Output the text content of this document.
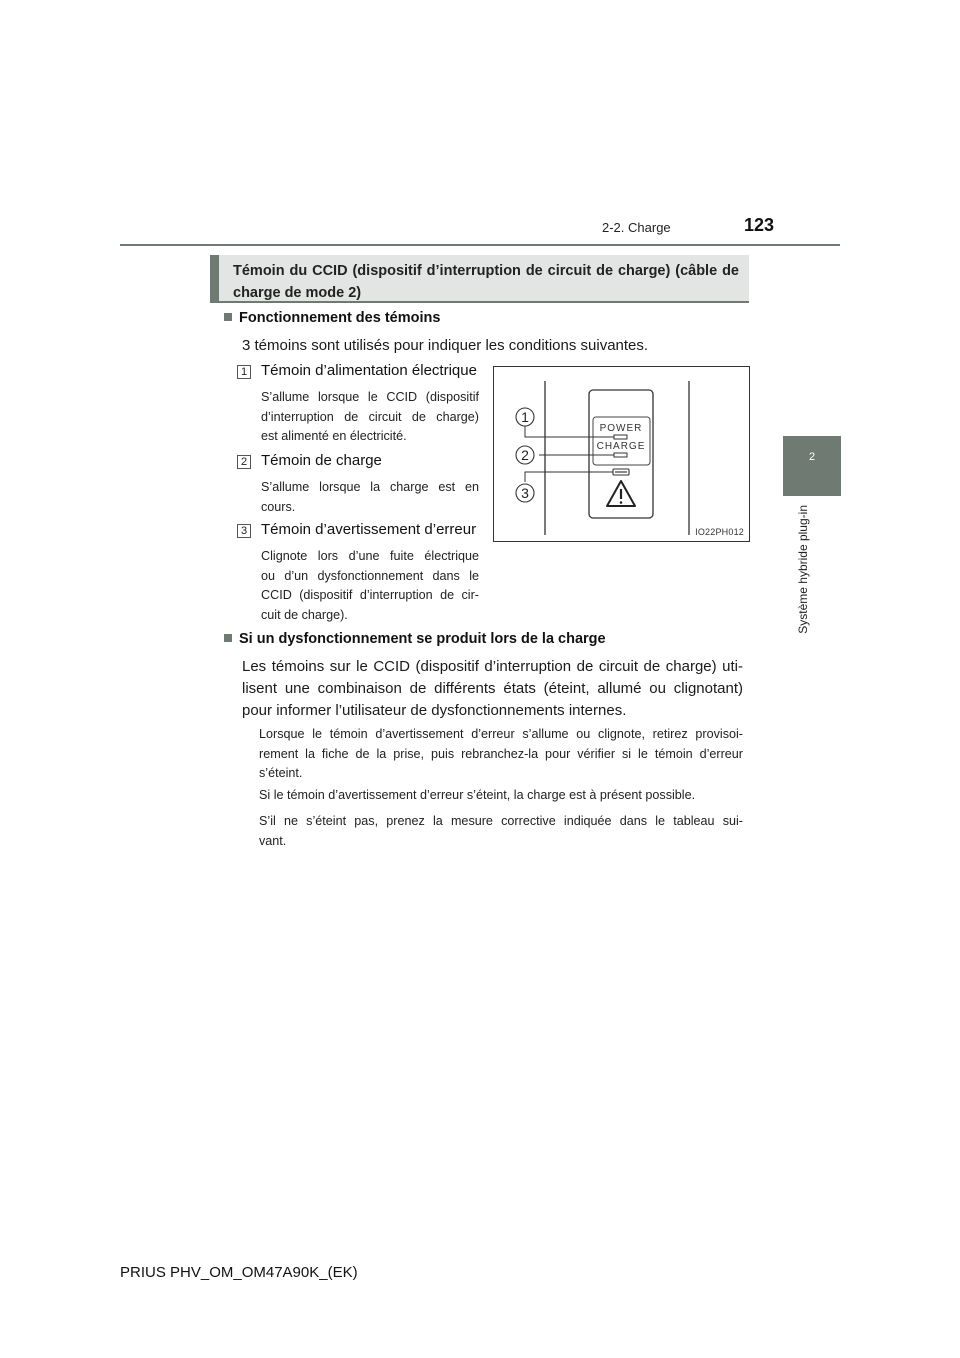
2-2. Charge	123
2
Système hybride plug-in
Témoin du CCID (dispositif d’interruption de circuit de charge) (câble de charge de mode 2)
Fonctionnement des témoins
3 témoins sont utilisés pour indiquer les conditions suivantes.
1 Témoin d’alimentation électrique
S’allume lorsque le CCID (dispositif
d’interruption de circuit de charge)
est alimenté en électricité.
2 Témoin de charge
S’allume lorsque la charge est en
cours.
3 Témoin d’avertissement d’erreur
Clignote lors d’une fuite électrique
ou d’un dysfonctionnement dans le
CCID (dispositif d’interruption de cir-
cuit de charge).
1
2
3
POWER
CHARGE
IO22PH012
Si un dysfonctionnement se produit lors de la charge
Les témoins sur le CCID (dispositif d’interruption de circuit de charge) uti-
lisent une combinaison de différents états (éteint, allumé ou clignotant)
pour informer l’utilisateur de dysfonctionnements internes.
Lorsque le témoin d’avertissement d’erreur s’allume ou clignote, retirez provisoi-
rement la fiche de la prise, puis rebranchez-la pour vérifier si le témoin d’erreur
s’éteint.
Si le témoin d’avertissement d’erreur s’éteint, la charge est à présent possible.
S’il ne s’éteint pas, prenez la mesure corrective indiquée dans le tableau sui-
vant.
PRIUS PHV_OM_OM47A90K_(EK)
